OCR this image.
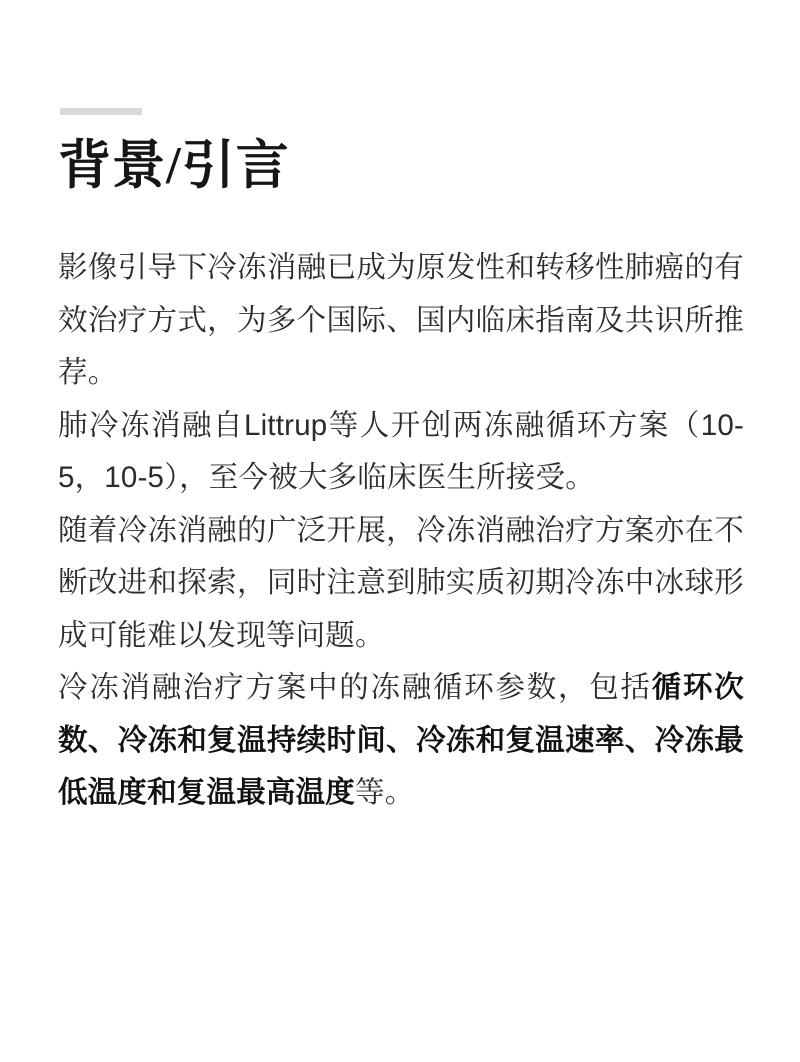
背景/引言

影像引导下冷冻消融已成为原发性和转移性肺癌的有效治疗方式，为多个国际、国内临床指南及共识所推荐。

肺冷冻消融自Littrup等人开创两冻融循环方案（10-5，10-5），至今被大多临床医生所接受。

随着冷冻消融的广泛开展，冷冻消融治疗方案亦在不断改进和探索，同时注意到肺实质初期冷冻中冰球形成可能难以发现等问题。

冷冻消融治疗方案中的冻融循环参数，包括循环次数、冷冻和复温持续时间、冷冻和复温速率、冷冻最低温度和复温最高温度等。
